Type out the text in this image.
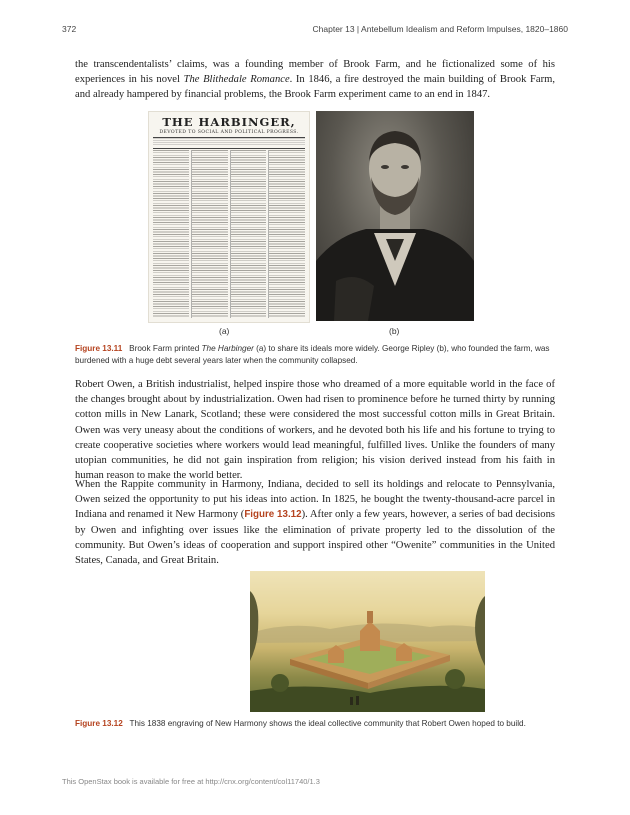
372	Chapter 13 | Antebellum Idealism and Reform Impulses, 1820–1860

the transcendentalists’ claims, was a founding member of Brook Farm, and he fictionalized some of his experiences in his novel The Blithedale Romance. In 1846, a fire destroyed the main building of Brook Farm, and already hampered by financial problems, the Brook Farm experiment came to an end in 1847.

THE HARBINGER,
DEVOTED TO SOCIAL AND POLITICAL PROGRESS.
(a)	(b)

Figure 13.11 Brook Farm printed The Harbinger (a) to share its ideals more widely. George Ripley (b), who founded the farm, was burdened with a huge debt several years later when the community collapsed.

Robert Owen, a British industrialist, helped inspire those who dreamed of a more equitable world in the face of the changes brought about by industrialization. Owen had risen to prominence before he turned thirty by running cotton mills in New Lanark, Scotland; these were considered the most successful cotton mills in Great Britain. Owen was very uneasy about the conditions of workers, and he devoted both his life and his fortune to trying to create cooperative societies where workers would lead meaningful, fulfilled lives. Unlike the founders of many utopian communities, he did not gain inspiration from religion; his vision derived instead from his faith in human reason to make the world better.

When the Rappite community in Harmony, Indiana, decided to sell its holdings and relocate to Pennsylvania, Owen seized the opportunity to put his ideas into action. In 1825, he bought the twenty-thousand-acre parcel in Indiana and renamed it New Harmony (Figure 13.12). After only a few years, however, a series of bad decisions by Owen and infighting over issues like the elimination of private property led to the dissolution of the community. But Owen’s ideas of cooperation and support inspired other “Owenite” communities in the United States, Canada, and Great Britain.

Figure 13.12 This 1838 engraving of New Harmony shows the ideal collective community that Robert Owen hoped to build.

This OpenStax book is available for free at http://cnx.org/content/col11740/1.3
